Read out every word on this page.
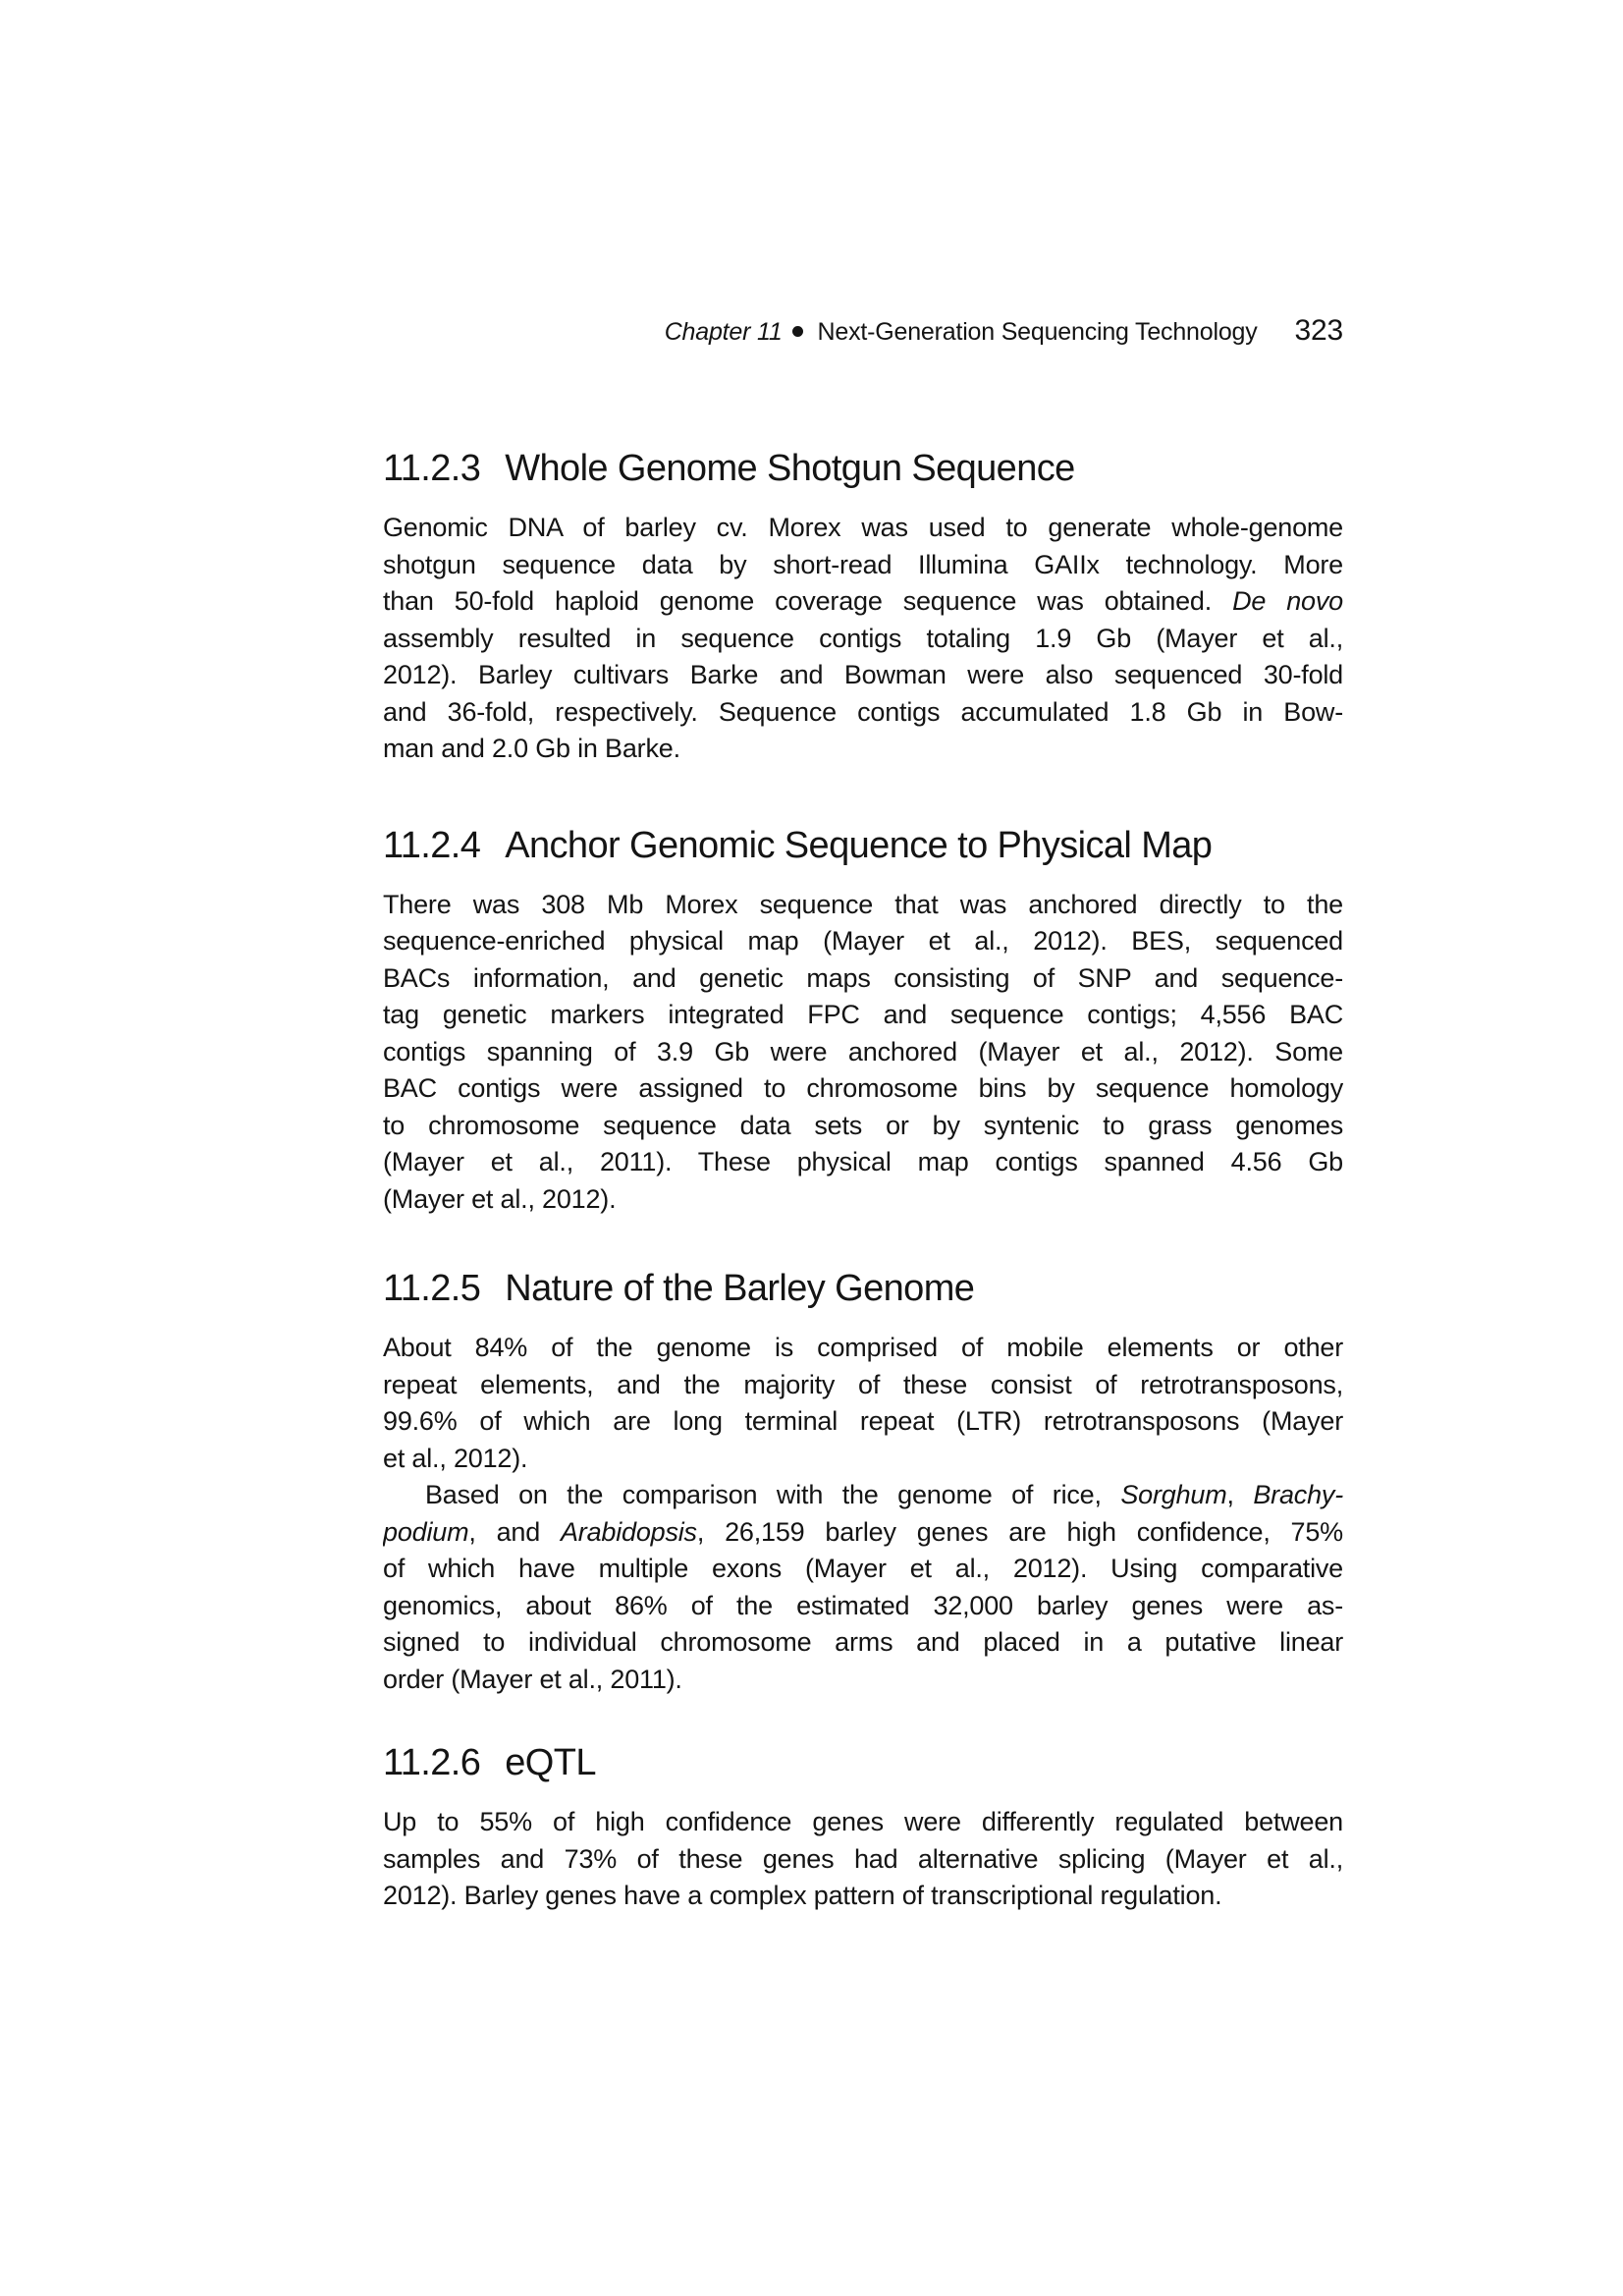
Chapter 11 Next-Generation Sequencing Technology 323
11.2.3 Whole Genome Shotgun Sequence
Genomic DNA of barley cv. Morex was used to generate whole-genome
shotgun sequence data by short-read Illumina GAIIx technology. More
than 50-fold haploid genome coverage sequence was obtained. De novo
assembly resulted in sequence contigs totaling 1.9 Gb (Mayer et al.,
2012). Barley cultivars Barke and Bowman were also sequenced 30-fold
and 36-fold, respectively. Sequence contigs accumulated 1.8 Gb in Bow-
man and 2.0 Gb in Barke.
11.2.4 Anchor Genomic Sequence to Physical Map
There was 308 Mb Morex sequence that was anchored directly to the
sequence-enriched physical map (Mayer et al., 2012). BES, sequenced
BACs information, and genetic maps consisting of SNP and sequence-
tag genetic markers integrated FPC and sequence contigs; 4,556 BAC
contigs spanning of 3.9 Gb were anchored (Mayer et al., 2012). Some
BAC contigs were assigned to chromosome bins by sequence homology
to chromosome sequence data sets or by syntenic to grass genomes
(Mayer et al., 2011). These physical map contigs spanned 4.56 Gb
(Mayer et al., 2012).
11.2.5 Nature of the Barley Genome
About 84% of the genome is comprised of mobile elements or other
repeat elements, and the majority of these consist of retrotransposons,
99.6% of which are long terminal repeat (LTR) retrotransposons (Mayer
et al., 2012).
Based on the comparison with the genome of rice, Sorghum, Brachy-
podium, and Arabidopsis, 26,159 barley genes are high confidence, 75%
of which have multiple exons (Mayer et al., 2012). Using comparative
genomics, about 86% of the estimated 32,000 barley genes were as-
signed to individual chromosome arms and placed in a putative linear
order (Mayer et al., 2011).
11.2.6 eQTL
Up to 55% of high confidence genes were differently regulated between
samples and 73% of these genes had alternative splicing (Mayer et al.,
2012). Barley genes have a complex pattern of transcriptional regulation.
